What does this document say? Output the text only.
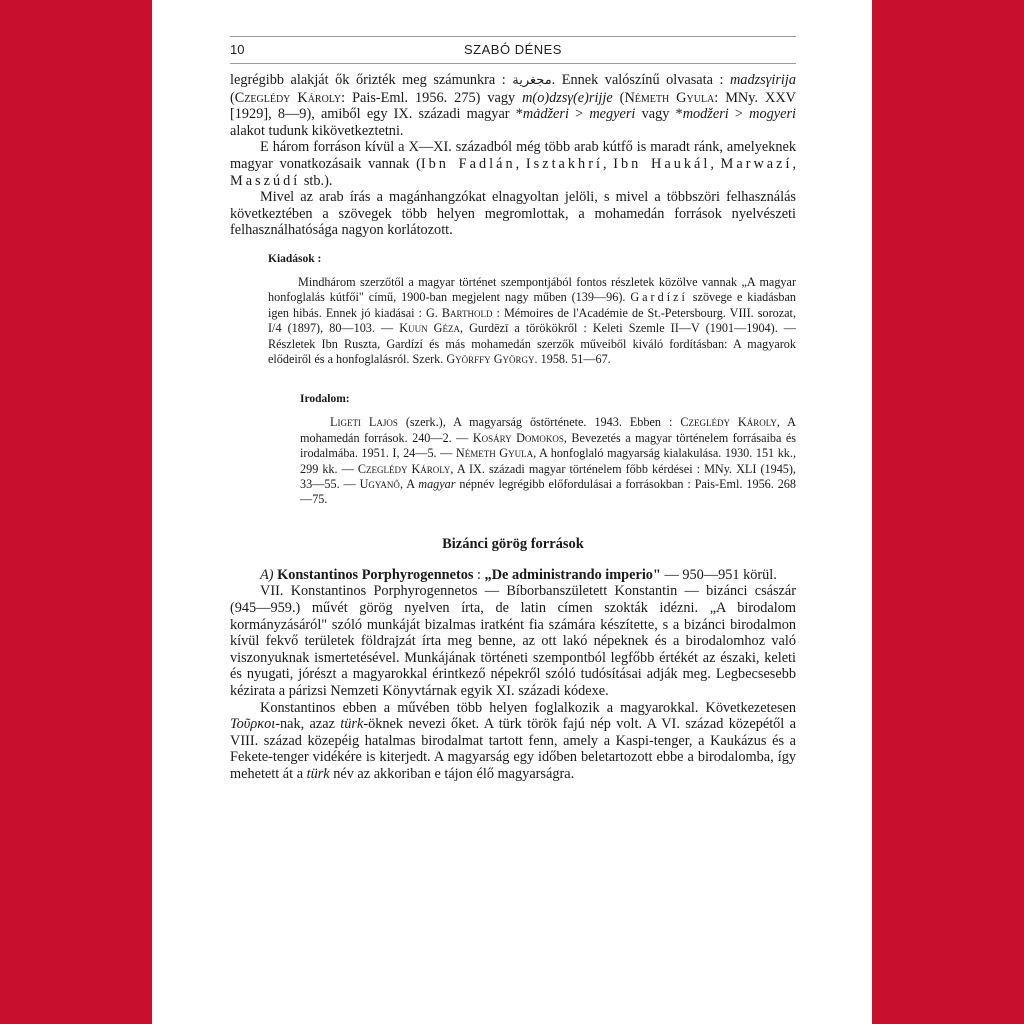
10	SZABÓ DÉNES

legrégibb alakját ők őrizték meg számunkra : مجغرية. Ennek valószínű olvasata : madzsγirija (Czeglédy Károly: Pais-Eml. 1956. 275) vagy m(o)dzsγ(e)rijje (Németh Gyula: MNy. XXV [1929], 8—9), amiből egy IX. századi magyar *mȧdžeri > megyeri vagy *modžeri > mogyeri alakot tudunk kikövetkeztetni.

E három forráson kívül a X—XI. századból még több arab kútfő is maradt ránk, amelyeknek magyar vonatkozásaik vannak (Ibn Fadlán, Isztakhrí, Ibn Haukál, Marwazí, Maszúdí stb.).

Mivel az arab írás a magánhangzókat elnagyoltan jelöli, s mivel a többszöri felhasználás következtében a szövegek több helyen megromlottak, a mohamedán források nyelvészeti felhasználhatósága nagyon korlátozott.

Kiadások :

Mindhárom szerzőtől a magyar történet szempontjából fontos részletek közölve vannak „A magyar honfoglalás kútfői" című, 1900-ban megjelent nagy műben (139—96). Gardízí szövege e kiadásban igen hibás. Ennek jó kiadásai : G. Barthold : Mémoires de l'Académie de St.-Petersbourg. VIII. sorozat, I/4 (1897), 80—103. — Kuun Géza, Gurdēzī a törökökről : Keleti Szemle II—V (1901—1904). — Részletek Ibn Ruszta, Gardízí és más mohamedán szerzők műveiből kiváló fordításban: A magyarok elődeiről és a honfoglalásról. Szerk. Györffy György. 1958. 51—67.

Irodalom:

Ligeti Lajos (szerk.), A magyarság őstörténete. 1943. Ebben : Czeglédy Károly, A mohamedán források. 240—2. — Kosáry Domokos, Bevezetés a magyar történelem forrásaiba és irodalmába. 1951. I, 24—5. — Németh Gyula, A honfoglaló magyarság kialakulása. 1930. 151 kk., 299 kk. — Czeglédy Károly, A IX. századi magyar történelem főbb kérdései : MNy. XLI (1945), 33—55. — Ugyanő, A magyar népnév legrégibb előfordulásai a forrásokban : Pais-Eml. 1956. 268—75.

Bizánci görög források

A) Konstantinos Porphyrogennetos : „De administrando imperio" — 950—951 körül.

VII. Konstantinos Porphyrogennetos — Bíborbanszületett Konstantin — bizánci császár (945—959.) művét görög nyelven írta, de latin címen szokták idézni. „A birodalom kormányzásáról" szóló munkáját bizalmas iratként fia számára készítette, s a bizánci birodalmon kívül fekvő területek földrajzát írta meg benne, az ott lakó népeknek és a birodalomhoz való viszonyuknak ismertetésével. Munkájának történeti szempontból legfőbb értékét az északi, keleti és nyugati, jórészt a magyarokkal érintkező népekről szóló tudósításai adják meg. Legbecsesebb kézirata a párizsi Nemzeti Könyvtárnak egyik XI. századi kódexe.

Konstantinos ebben a művében több helyen foglalkozik a magyarokkal. Következetesen Τοῦρκοι-nak, azaz türk-öknek nevezi őket. A türk török fajú nép volt. A VI. század közepétől a VIII. század közepéig hatalmas birodalmat tartott fenn, amely a Kaspi-tenger, a Kaukázus és a Fekete-tenger vidékére is kiterjedt. A magyarság egy időben beletartozott ebbe a birodalomba, így mehetett át a türk név az akkoriban e tájon élő magyarságra.
